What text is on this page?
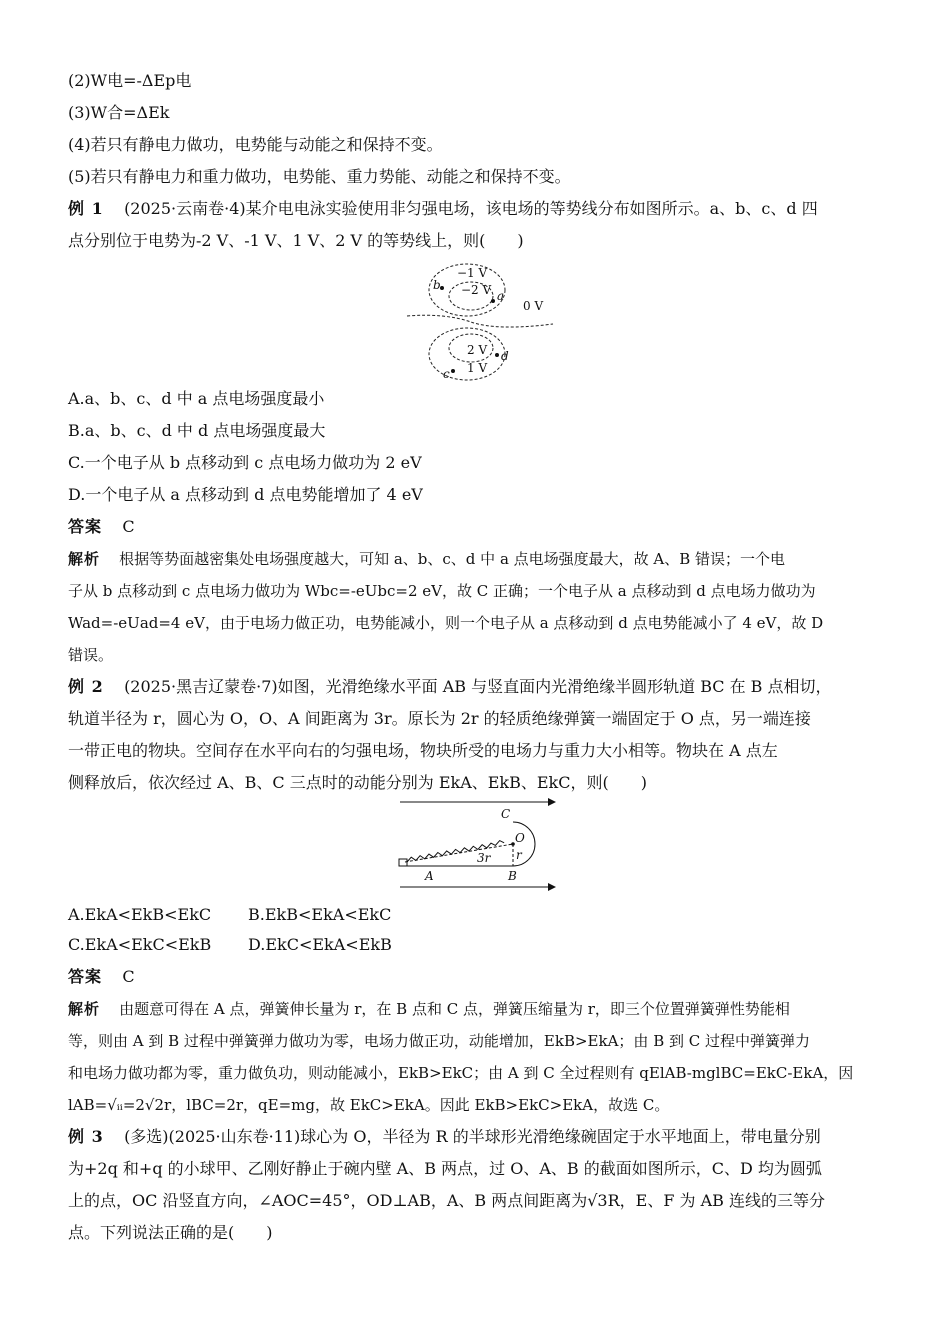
(2)W电=-ΔEp电
(3)W合=ΔEk
(4)若只有静电力做功，电势能与动能之和保持不变。
(5)若只有静电力和重力做功，电势能、重力势能、动能之和保持不变。
例 1 (2025·云南卷·4)某介电电泳实验使用非匀强电场，该电场的等势线分布如图所示。a、b、c、d 四
点分别位于电势为-2 V、-1 V、1 V、2 V 的等势线上，则(　　)
−1 V
−2 V
0 V
2 V
1 V
b
a
c
d
A.a、b、c、d 中 a 点电场强度最小
B.a、b、c、d 中 d 点电场强度最大
C.一个电子从 b 点移动到 c 点电场力做功为 2 eV
D.一个电子从 a 点移动到 d 点电势能增加了 4 eV
答案 C
解析 根据等势面越密集处电场强度越大，可知 a、b、c、d 中 a 点电场强度最大，故 A、B 错误；一个电
子从 b 点移动到 c 点电场力做功为 Wbc=-eUbc=2 eV，故 C 正确；一个电子从 a 点移动到 d 点电场力做功为
Wad=-eUad=4 eV，由于电场力做正功，电势能减小，则一个电子从 a 点移动到 d 点电势能减小了 4 eV，故 D
错误。
例 2 (2025·黑吉辽蒙卷·7)如图，光滑绝缘水平面 AB 与竖直面内光滑绝缘半圆形轨道 BC 在 B 点相切，
轨道半径为 r，圆心为 O，O、A 间距离为 3r。原长为 2r 的轻质绝缘弹簧一端固定于 O 点，另一端连接
一带正电的物块。空间存在水平向右的匀强电场，物块所受的电场力与重力大小相等。物块在 A 点左
侧释放后，依次经过 A、B、C 三点时的动能分别为 EkA、EkB、EkC，则(　　)
C
O
3r r
A	B
A.EkA<EkB<EkC B.EkB<EkA<EkC
C.EkA<EkC<EkB D.EkC<EkA<EkB
答案 C
解析 由题意可得在 A 点，弹簧伸长量为 r，在 B 点和 C 点，弹簧压缩量为 r，即三个位置弹簧弹性势能相
等，则由 A 到 B 过程中弹簧弹力做功为零，电场力做正功，动能增加，EkB>EkA；由 B 到 C 过程中弹簧弹力
和电场力做功都为零，重力做负功，则动能减小，EkB>EkC；由 A 到 C 全过程则有 qElAB-mglBC=EkC-EkA，因
lAB=√ᵢᵢ=2√2r，lBC=2r，qE=mg，故 EkC>EkA。因此 EkB>EkC>EkA，故选 C。
例 3 (多选)(2025·山东卷·11)球心为 O，半径为 R 的半球形光滑绝缘碗固定于水平地面上，带电量分别
为+2q 和+q 的小球甲、乙刚好静止于碗内壁 A、B 两点，过 O、A、B 的截面如图所示，C、D 均为圆弧
上的点，OC 沿竖直方向，∠AOC=45°，OD⊥AB，A、B 两点间距离为√3R，E、F 为 AB 连线的三等分
点。下列说法正确的是(　　)
